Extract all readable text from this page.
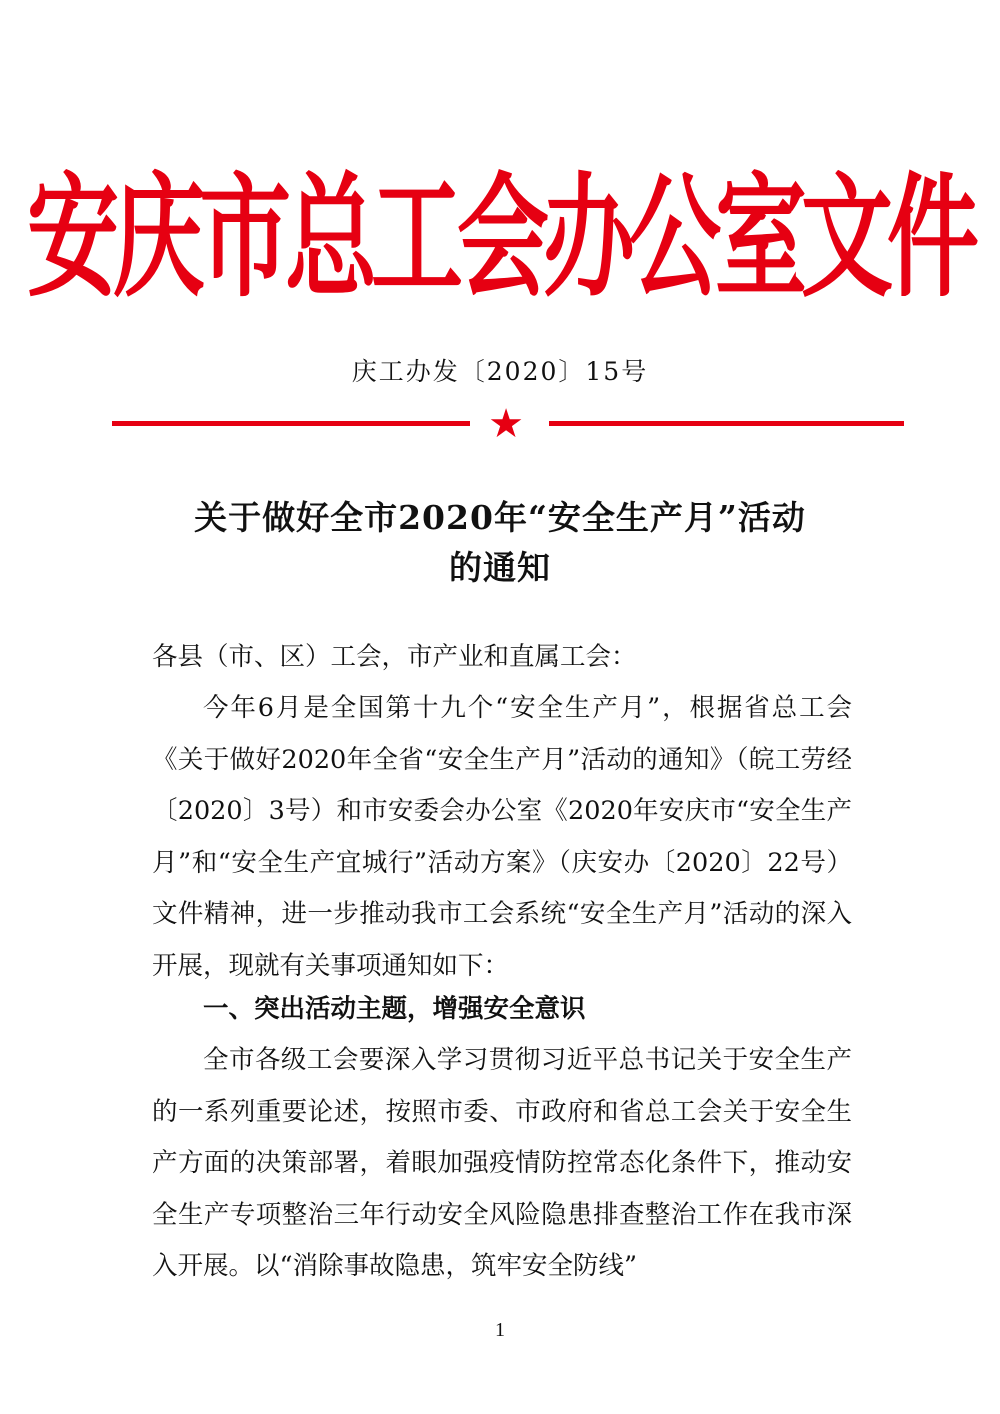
安庆市总工会办公室文件
庆工办发〔2020〕15号
★
关于做好全市2020年“安全生产月”活动
的通知
各县（市、区）工会，市产业和直属工会：

今年6月是全国第十九个“安全生产月”，根据省总工会《关于做好2020年全省“安全生产月”活动的通知》（皖工劳经〔2020〕3号）和市安委会办公室《2020年安庆市“安全生产月”和“安全生产宜城行”活动方案》（庆安办〔2020〕22号）文件精神，进一步推动我市工会系统“安全生产月”活动的深入开展，现就有关事项通知如下：

一、突出活动主题，增强安全意识

全市各级工会要深入学习贯彻习近平总书记关于安全生产的一系列重要论述，按照市委、市政府和省总工会关于安全生产方面的决策部署，着眼加强疫情防控常态化条件下，推动安全生产专项整治三年行动安全风险隐患排查整治工作在我市深入开展。以“消除事故隐患，筑牢安全防线”

1
